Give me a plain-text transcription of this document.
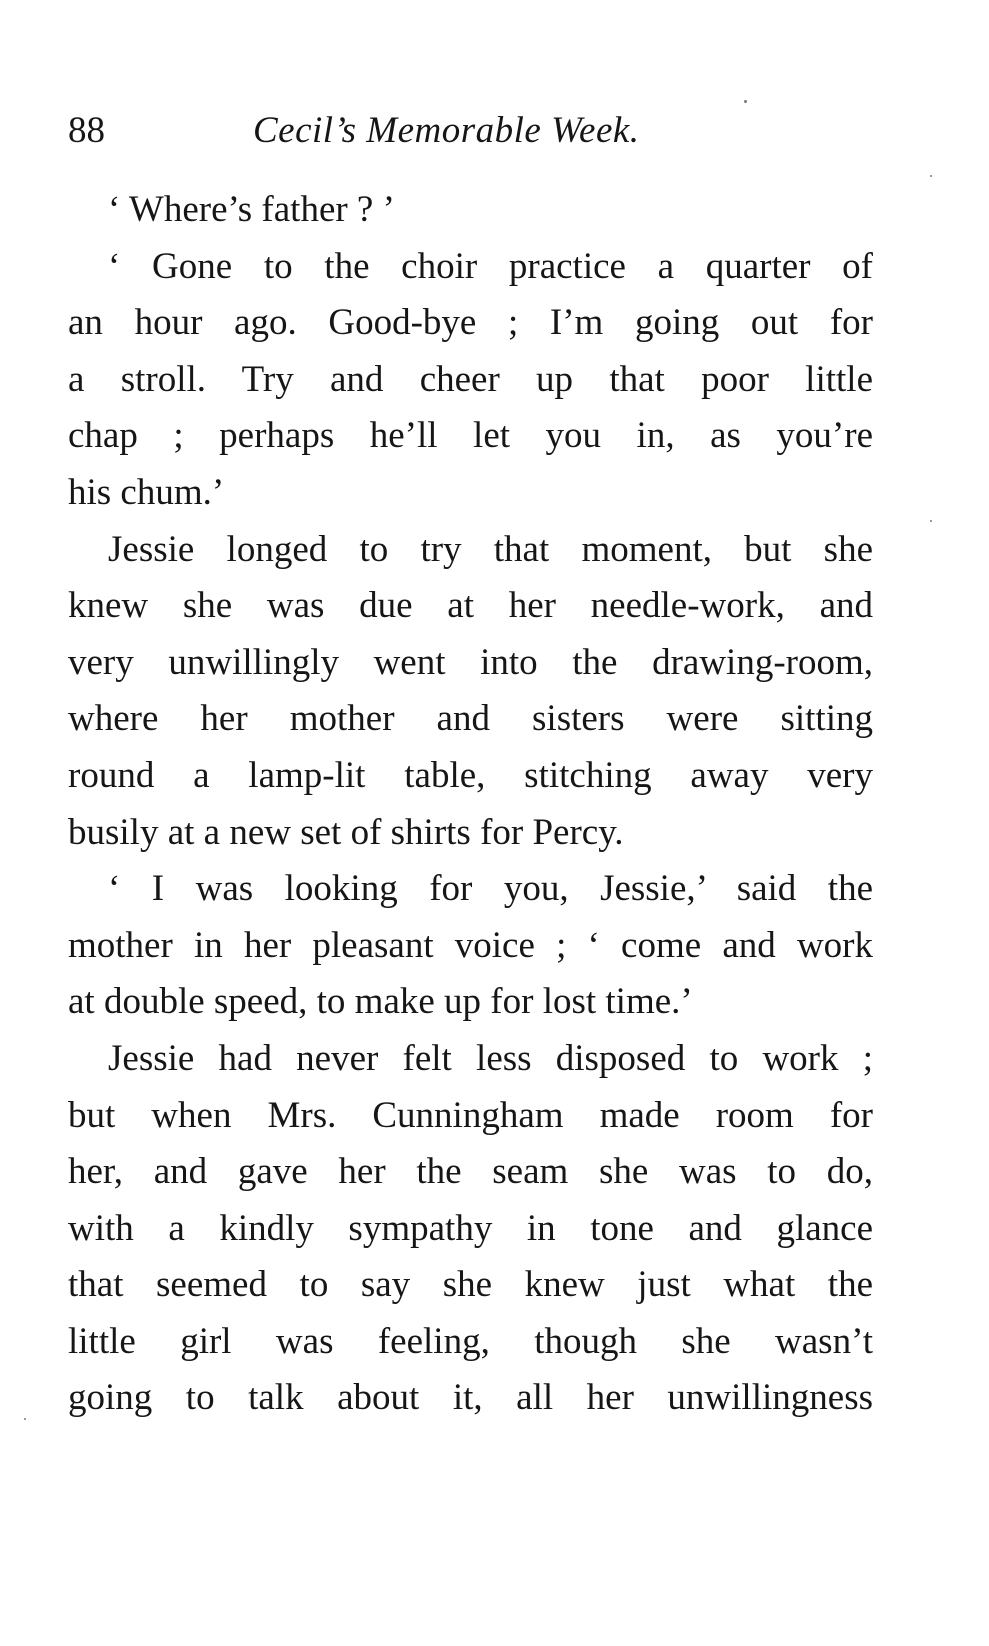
88	Cecil’s Memorable Week.
‘ Where’s father ? ’
‘ Gone to the choir practice a quarter of
an hour ago. Good-bye ; I’m going out for
a stroll. Try and cheer up that poor little
chap ; perhaps he’ll let you in, as you’re
his chum.’
Jessie longed to try that moment, but she
knew she was due at her needle-work, and
very unwillingly went into the drawing-room,
where her mother and sisters were sitting
round a lamp-lit table, stitching away very
busily at a new set of shirts for Percy.
‘ I was looking for you, Jessie,’ said the
mother in her pleasant voice ; ‘ come and work
at double speed, to make up for lost time.’
Jessie had never felt less disposed to work ;
but when Mrs. Cunningham made room for
her, and gave her the seam she was to do,
with a kindly sympathy in tone and glance
that seemed to say she knew just what the
little girl was feeling, though she wasn’t
going to talk about it, all her unwillingness
